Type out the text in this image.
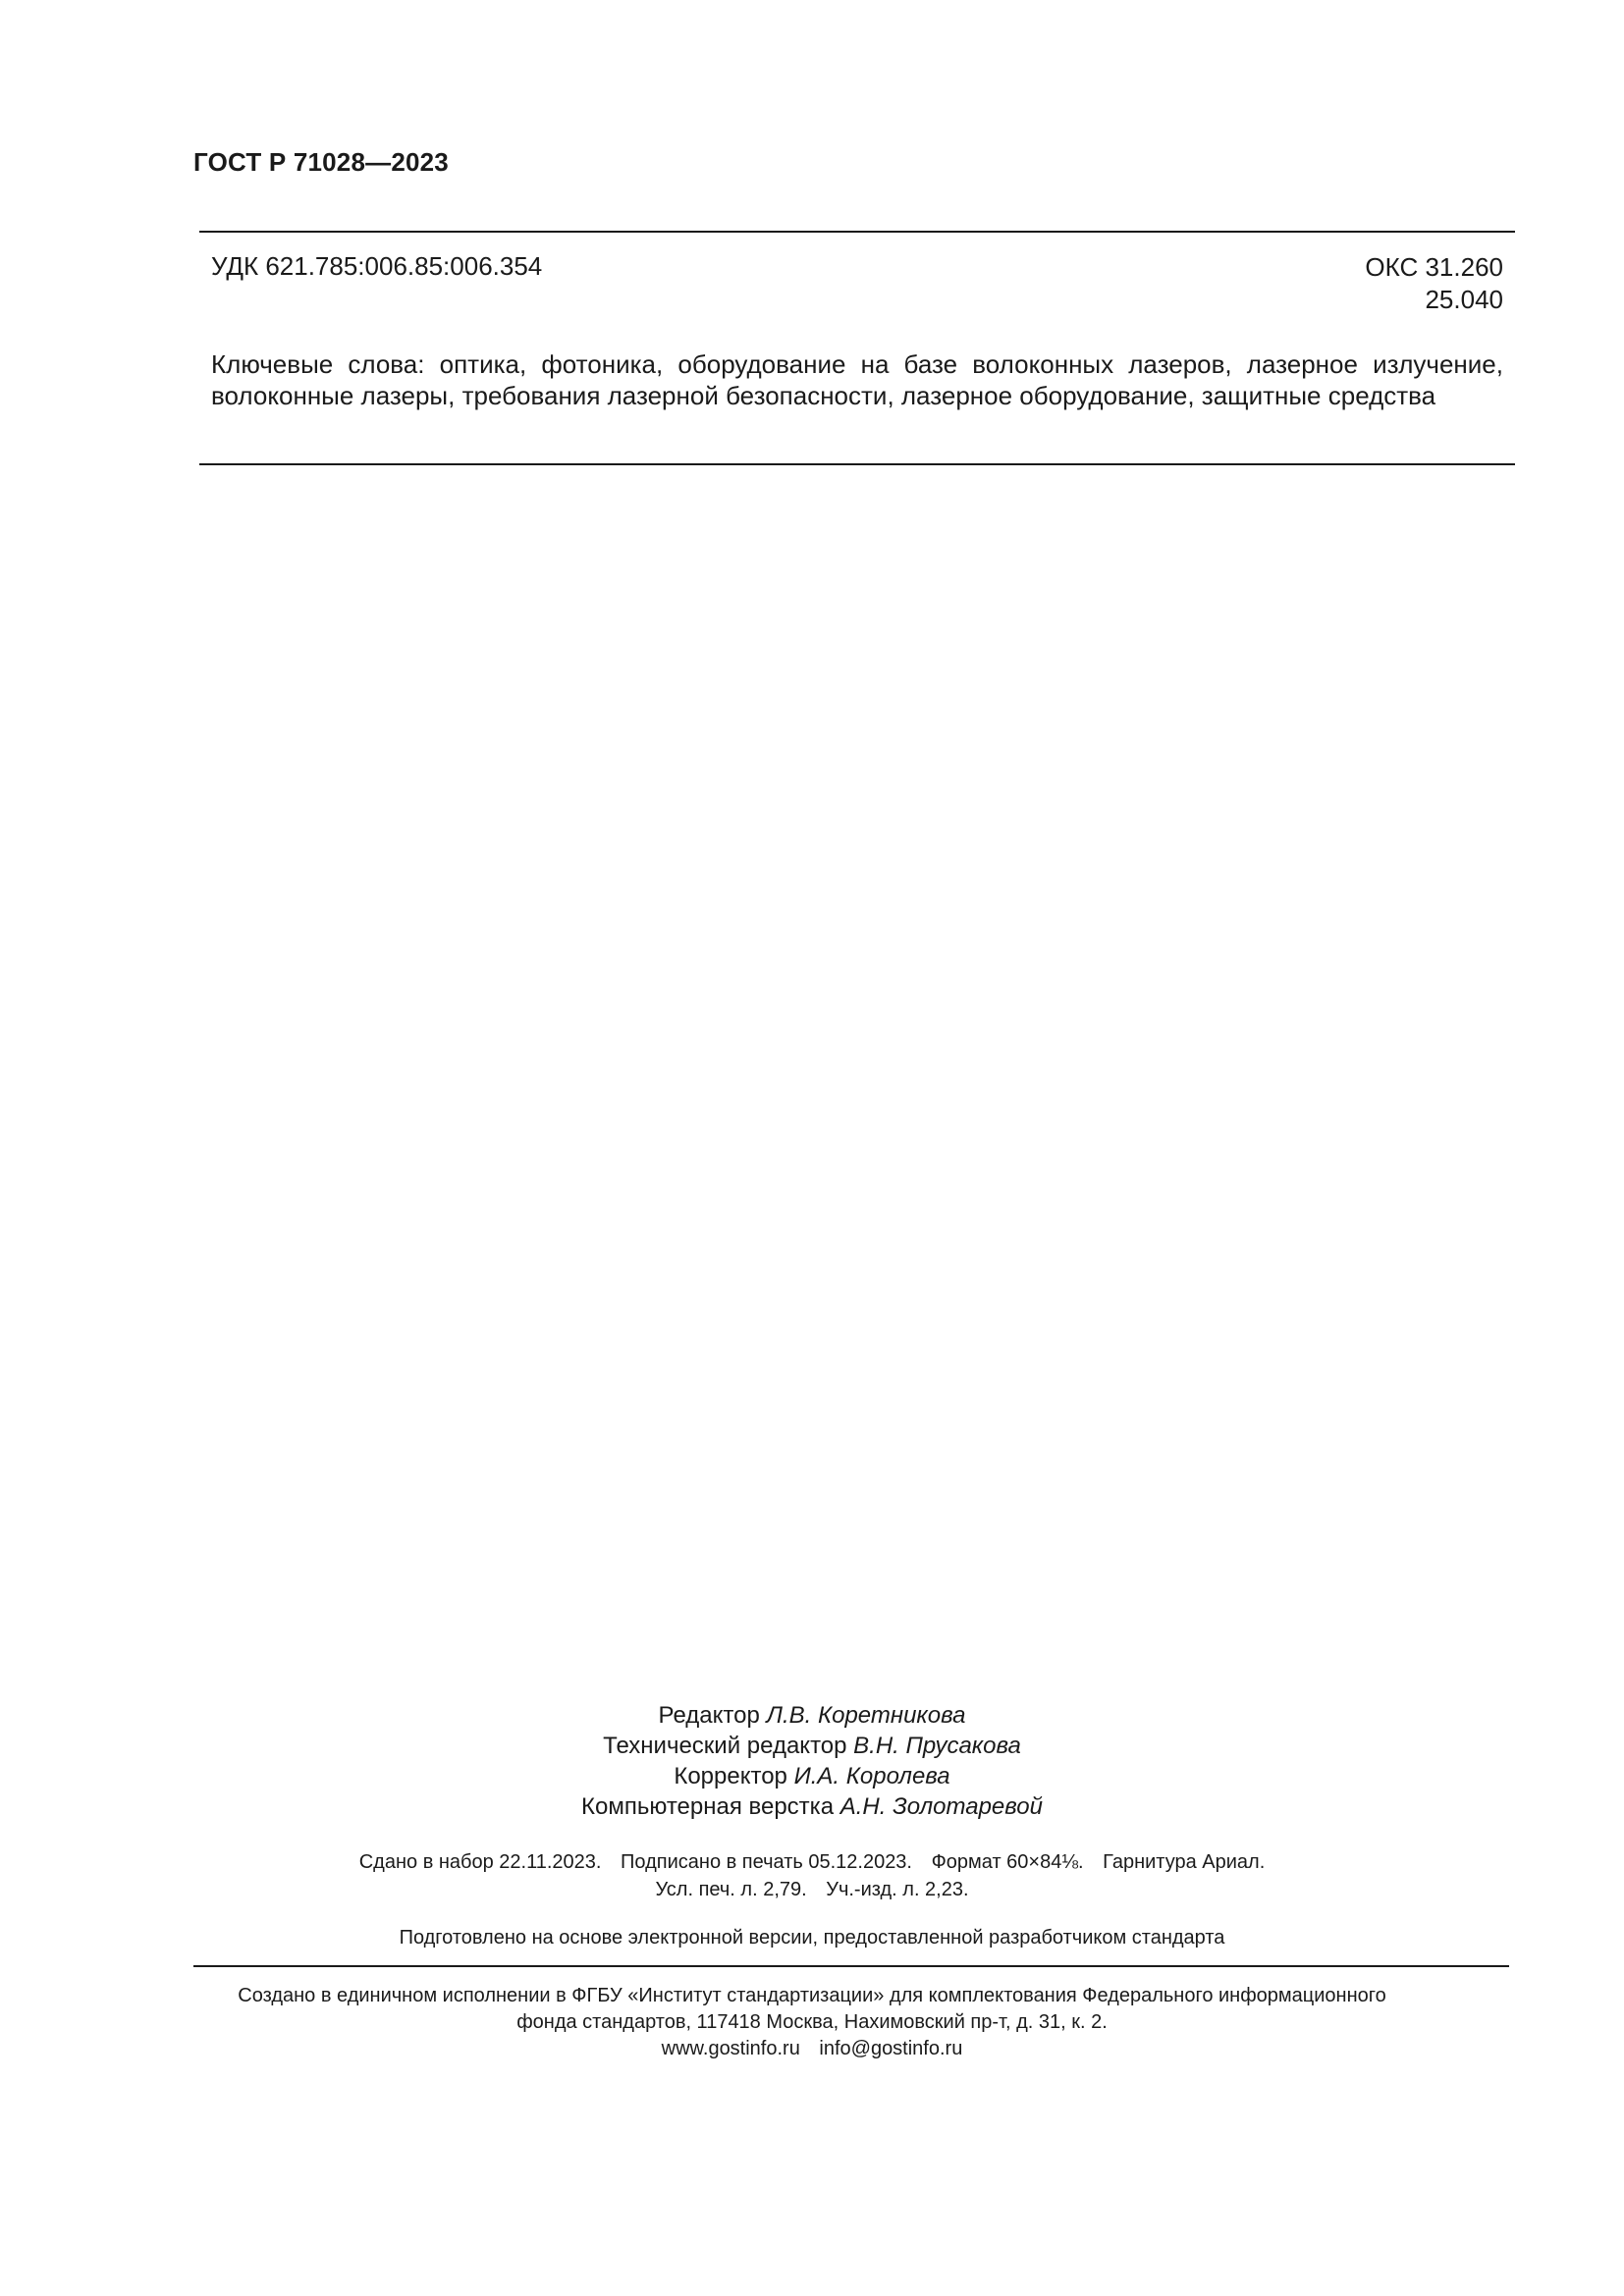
ГОСТ Р 71028—2023
УДК 621.785:006.85:006.354	ОКС 31.260
25.040
Ключевые слова: оптика, фотоника, оборудование на базе волоконных лазеров, лазерное излучение, волоконные лазеры, требования лазерной безопасности, лазерное оборудование, защитные средства
Редактор Л.В. Коретникова
Технический редактор В.Н. Прусакова
Корректор И.А. Королева
Компьютерная верстка А.Н. Золотаревой
Сдано в набор 22.11.2023. Подписано в печать 05.12.2023. Формат 60×84⅛. Гарнитура Ариал.
Усл. печ. л. 2,79. Уч.-изд. л. 2,23.
Подготовлено на основе электронной версии, предоставленной разработчиком стандарта
Создано в единичном исполнении в ФГБУ «Институт стандартизации» для комплектования Федерального информационного
фонда стандартов, 117418 Москва, Нахимовский пр-т, д. 31, к. 2.
www.gostinfo.ru info@gostinfo.ru
